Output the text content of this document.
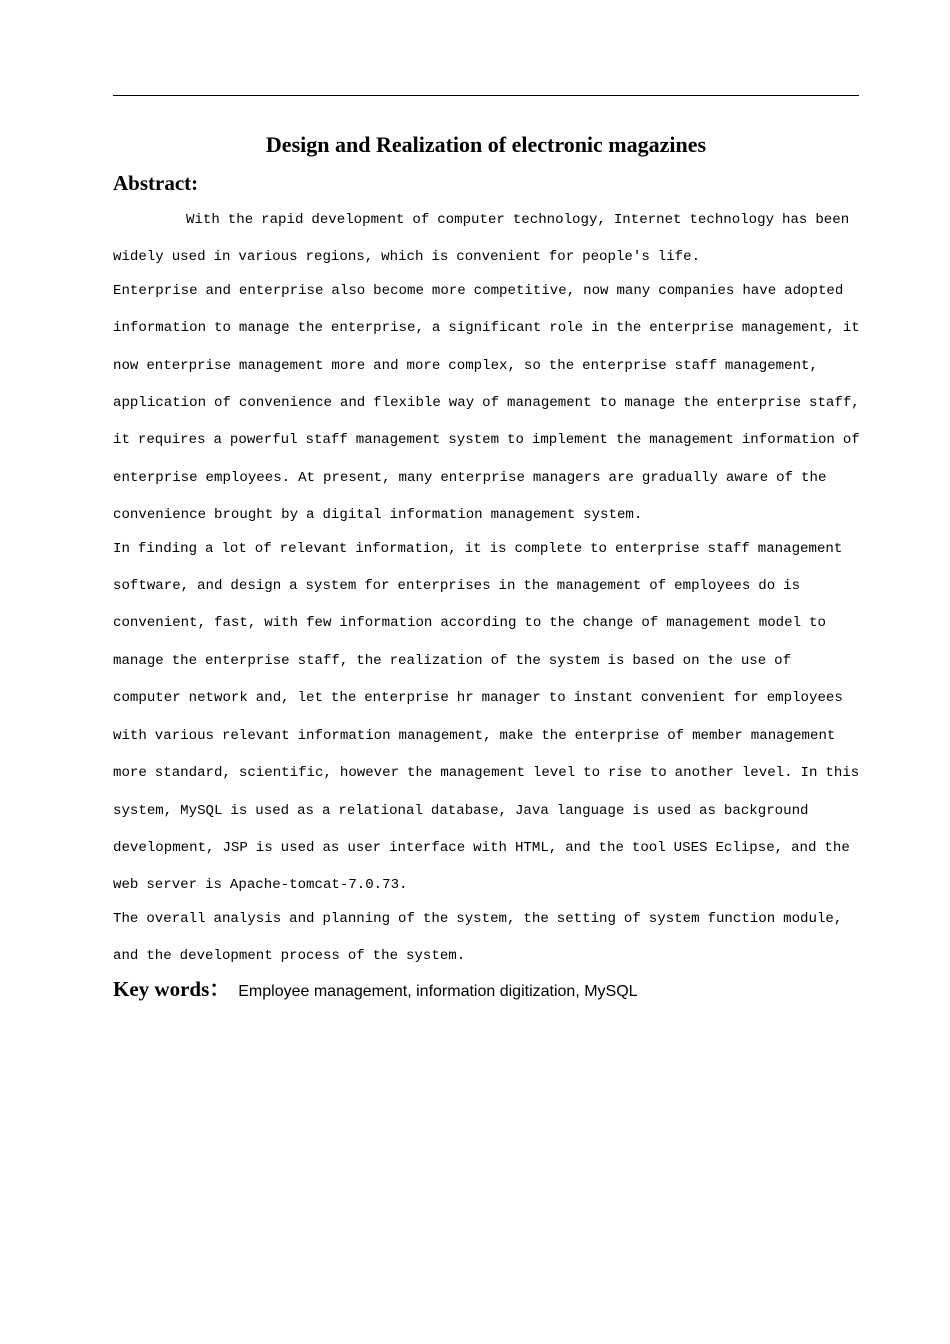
Design and Realization of electronic magazines
Abstract:

With the rapid development of computer technology, Internet technology has been
widely used in various regions, which is convenient for people's life.

Enterprise and enterprise also become more competitive, now many companies have adopted
information to manage the enterprise, a significant role in the enterprise management, it
now enterprise management more and more complex, so the enterprise staff management,
application of convenience and flexible way of management to manage the enterprise staff,
it requires a powerful staff management system to implement the management information of
enterprise employees. At present, many enterprise managers are gradually aware of the
convenience brought by a digital information management system.

In finding a lot of relevant information, it is complete to enterprise staff management
software, and design a system for enterprises in the management of employees do is
convenient, fast, with few information according to the change of management model to
manage the enterprise staff, the realization of the system is based on the use of
computer network and, let the enterprise hr manager to instant convenient for employees
with various relevant information management, make the enterprise of member management
more standard, scientific, however the management level to rise to another level. In this
system, MySQL is used as a relational database, Java language is used as background
development, JSP is used as user interface with HTML, and the tool USES Eclipse, and the
web server is Apache-tomcat-7.0.73.

The overall analysis and planning of the system, the setting of system function module,
and the development process of the system.

Key words： Employee management, information digitization, MySQL
